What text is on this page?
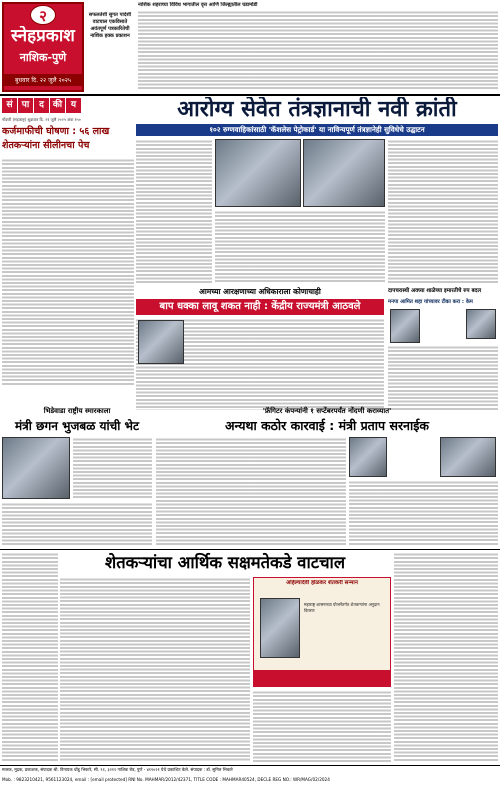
२
स्नेहप्रकाश
नाशिक-पुणे
बुधवार दि. २२ जुलै २०२५
सफलतेशी सुगत पादेशी वाटचाल एकविसाते अवंतपूर्ण पत्रकारितेची नाशिक हक्क प्रकाशन
नाशिक शहराच्या विविध भागातील वृत्त आणि जिल्ह्यातील घडामोडी
सं	पा	द की य
नोंदणी (महाराष्ट्र) शुक्रवार दि. २१ जुलै २०२५ अंक १५०	आरोग्य सेवेत तंत्रज्ञानाची नवी क्रांती
१०२ रुग्णवाहिकांसाठी 'कॅशलेस पेट्रोकार्ड' या नाविन्यपूर्ण तंत्रज्ञानेही सुविधेचे उद्घाटन
कर्जमाफीची घोषणा : ५६ लाख शेतकऱ्यांना सीलीनचा पेच
आमच्या आरक्षणाच्या अधिकाराला कोणाचाही
बाप धक्का लावू शकत नाही : केंद्रीय राज्यमंत्री आठवले
दापचरास्थी अवघ्या शाळेच्या इमारतीचे रुप बदल
मनपा आमित शहा यांच्यावर टीका करा : केम
भिडेवाडा राष्ट्रीय स्मारकाला
मंत्री छगन भुजबळ यांची भेट
'फ्रॅगिटर कंपन्यांनी १ सप्टेंबरपर्यंत नोंदणी कराव्यात'
अन्यथा कठोर कारवाई : मंत्री प्रताप सरनाईक
शेतकऱ्यांचा आर्थिक सक्षमतेकडे वाटचाल
अहिल्यादेवी होळकर शेतकरी सन्मान
महाराष्ट्र शासनाच्या योजनेंतर्गत शेतकऱ्यांना अनुदान वितरण
मालक, मुद्रक, प्रकाशक, संपादक श्री. विनायक धोंडू भिकारे, सी. ९१, ३२११ नाशिक रोड, पुणे - ४११०२१ येथे प्रकाशित केले. संपादक : डॉ. सुनिल भिकारे
Mob. : 9823210421, 9561123024, email : [email protected] RNI No. MAHMAR/2012/42371, TITLE CODE : MAHMAR40524, DECLE REG NO.: WR/MAG/02/2024
